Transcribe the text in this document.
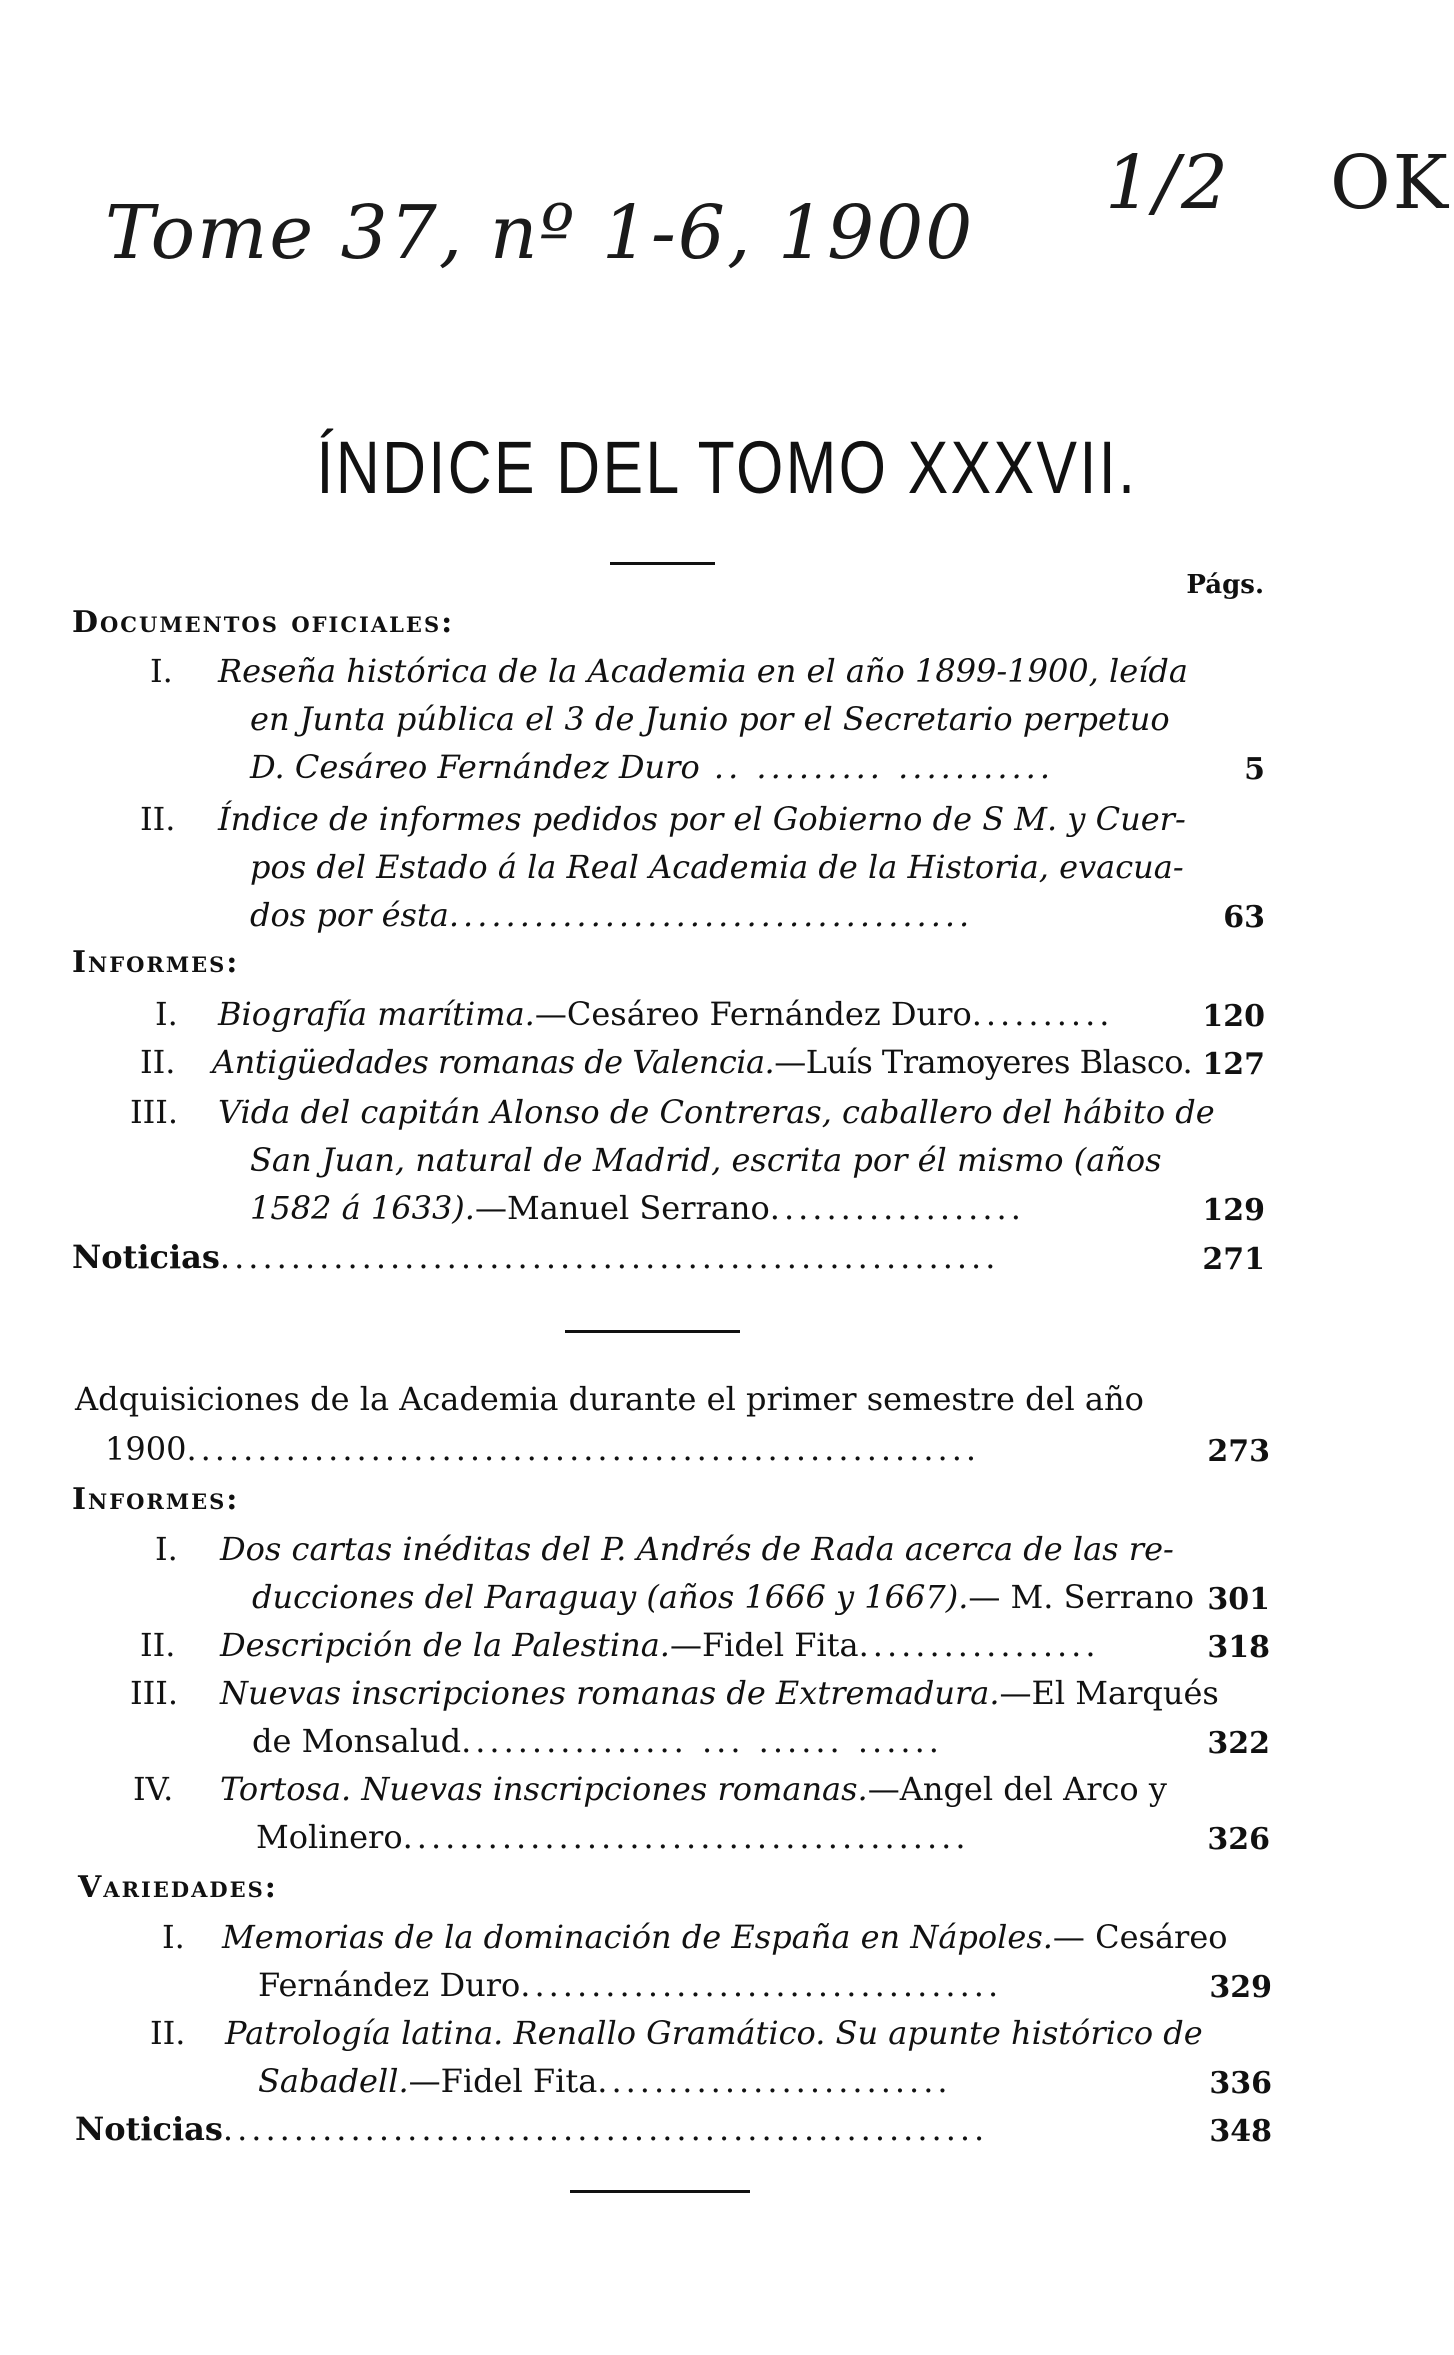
Tome 37, nº 1-6, 1900
1/2 OK
ÍNDICE DEL TOMO XXXVII.
Págs.
Documentos oficiales:
I. Reseña histórica de la Academia en el año 1899-1900, leída
en Junta pública el 3 de Junio por el Secretario perpetuo
D. Cesáreo Fernández Duro .. ......... ...........	5
II. Índice de informes pedidos por el Gobierno de S M. y Cuer-
pos del Estado á la Real Academia de la Historia, evacua-
dos por ésta.....................................	63
Informes:
I. Biografía marítima.—Cesáreo Fernández Duro..........	120
II. Antigüedades romanas de Valencia.—Luís Tramoyeres Blasco. 127
III. Vida del capitán Alonso de Contreras, caballero del hábito de
San Juan, natural de Madrid, escrita por él mismo (años
1582 á 1633).—Manuel Serrano..................	129
Noticias.......................................................	271
Adquisiciones de la Academia durante el primer semestre del año
1900........................................................	273
Informes:
I. Dos cartas inéditas del P. Andrés de Rada acerca de las re-
ducciones del Paraguay (años 1666 y 1667).— M. Serrano 301
II. Descripción de la Palestina.—Fidel Fita.................	318
III. Nuevas inscripciones romanas de Extremadura.—El Marqués
de Monsalud................ ... ...... ......	322
IV. Tortosa. Nuevas inscripciones romanas.—Angel del Arco y
Molinero........................................	326
Variedades:
I. Memorias de la dominación de España en Nápoles.— Cesáreo
Fernández Duro..................................	329
II. Patrología latina. Renallo Gramático. Su apunte histórico de
Sabadell.—Fidel Fita.........................	336
Noticias......................................................	348
